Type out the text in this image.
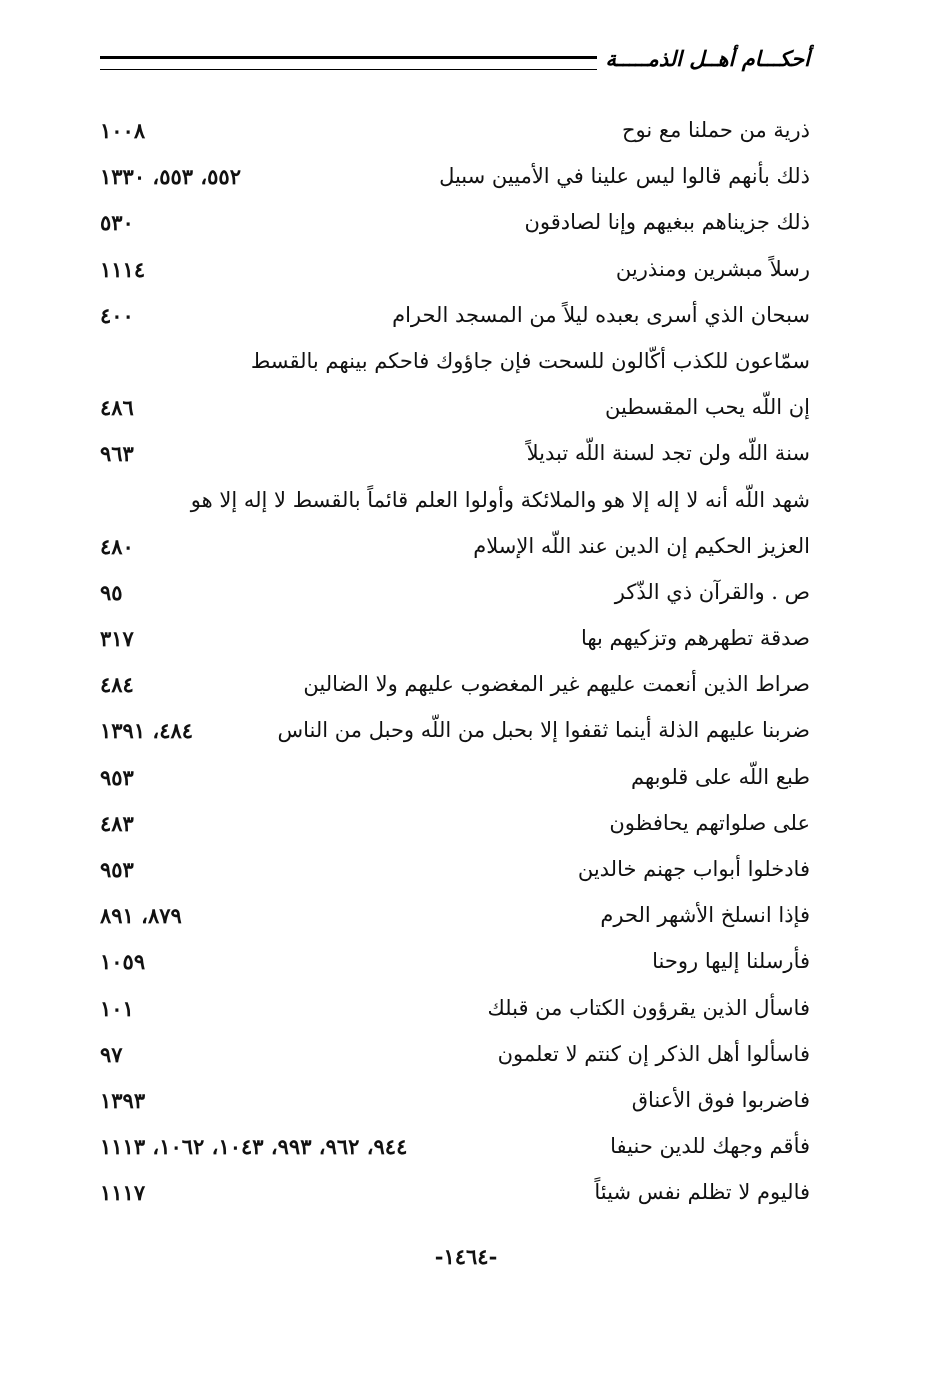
أحكـــام أهــل الذمـــــة
ذرية من حملنا مع نوح
١٠٠٨
ذلك بأنهم قالوا ليس علينا في الأميين سبيل
٥٥٢، ٥٥٣، ١٣٣٠
ذلك جزيناهم ببغيهم وإنا لصادقون
٥٣٠
رسلاً مبشرين ومنذرين
١١١٤
سبحان الذي أسرى بعبده ليلاً من المسجد الحرام
٤٠٠
سمّاعون للكذب أكّالون للسحت فإن جاؤوك فاحكم بينهم بالقسط
إن اللّه يحب المقسطين
٤٨٦
سنة اللّه ولن تجد لسنة اللّه تبديلاً
٩٦٣
شهد اللّه أنه لا إله إلا هو والملائكة وأولوا العلم قائماً بالقسط لا إله إلا هو
العزيز الحكيم إن الدين عند اللّه الإسلام
٤٨٠
ص . والقرآن ذي الذّكر
٩٥
صدقة تطهرهم وتزكيهم بها
٣١٧
صراط الذين أنعمت عليهم غير المغضوب عليهم ولا الضالين
٤٨٤
ضربنا عليهم الذلة أينما ثقفوا إلا بحبل من اللّه وحبل من الناس
٤٨٤، ١٣٩١
طبع اللّه على قلوبهم
٩٥٣
على صلواتهم يحافظون
٤٨٣
فادخلوا أبواب جهنم خالدين
٩٥٣
فإذا انسلخ الأشهر الحرم
٨٧٩، ٨٩١
فأرسلنا إليها روحنا
١٠٥٩
فاسأل الذين يقرؤون الكتاب من قبلك
١٠١
فاسألوا أهل الذكر إن كنتم لا تعلمون
٩٧
فاضربوا فوق الأعناق
١٣٩٣
فأقم وجهك للدين حنيفا
٩٤٤، ٩٦٢، ٩٩٣، ١٠٤٣، ١٠٦٢، ١١١٣
فاليوم لا تظلم نفس شيئاً
١١١٧
-١٤٦٤-
